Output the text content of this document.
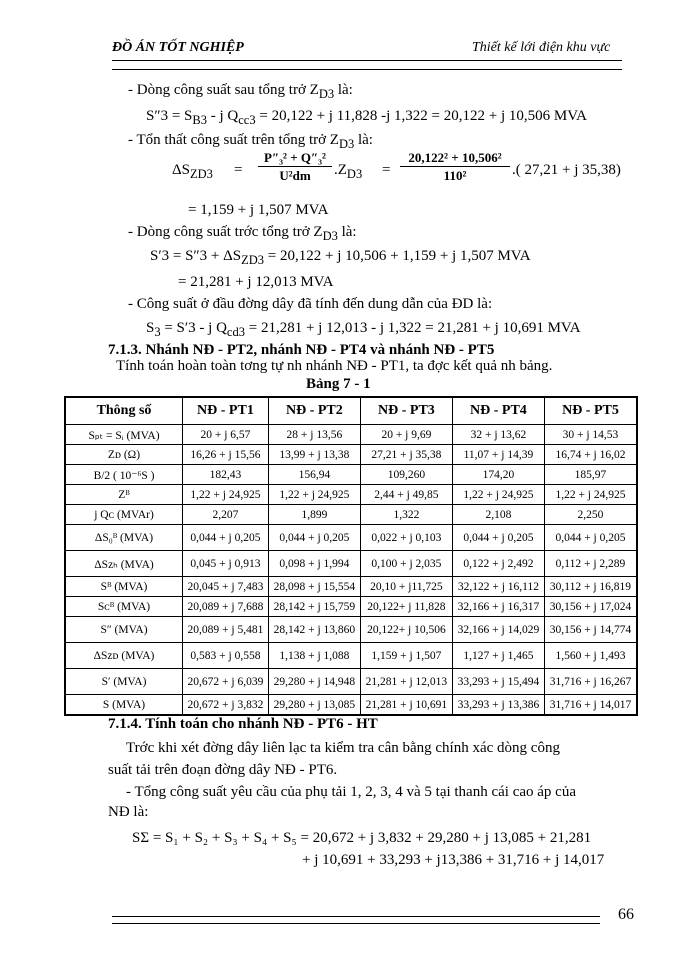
ĐỒ ÁN TỐT NGHIỆP	Thiết kế lới điện khu vực
- Dòng công suất sau tổng trở $Z_{D3}$ là:
$S''3 = S_{B3} - j$ $Q_{cc3} = 20,122 + j$ 11,828 -j 1,322 = 20,122 + j 10,506 MVA
- Tổn thất công suất trên tổng trở $Z_{D3}$ là:
$\Delta S_{ZD3} = \frac{\text{P″₃² + Q″₃²}}{\text{U²dm}} .Z_{D3} = \frac{\text{20,122² + 10,506²}}{\text{110²}}$ .( 27,21 + j 35,38)
= 1,159 + j 1,507 MVA
- Dòng công suất trớc tổng trở $Z_{D3}$ là:
$S'3 = S''3 + \Delta S_{ZD3} = 20,122 + j$ 10,506 + 1,159 + j 1,507 MVA
= 21,281 + j 12,013 MVA
- Công suất ở đầu đờng dây đã tính đến dung dẫn của ĐD là:
$S_3 = S'3 - j$ $Q_{cd3} = 21,281 + j$ 12,013 - j 1,322 = 21,281 + j 10,691 MVA
7.1.3. Nhánh NĐ - PT2, nhánh NĐ - PT4 và nhánh NĐ - PT5
Tính toán hoàn toàn tơng tự nh nhánh NĐ - PT1, ta đợc kết quả nh bảng.
Bảng 7 - 1
Thông số	NĐ - PT1	NĐ - PT2	NĐ - PT3	NĐ - PT4	NĐ - PT5
Sₚₜ = Sᵢ (MVA)	20 + j 6,57	28 + j 13,56	20 + j 9,69	32 + j 13,62	30 + j 14,53
Zᴅ (Ω)	16,26 + j 15,56	13,99 + j 13,38	27,21 + j 35,38	11,07 + j 14,39	16,74 + j 16,02
B/2 ( 10⁻⁶S )	182,43	156,94	109,260	174,20	185,97
Zᴮ	1,22 + j 24,925	1,22 + j 24,925	2,44 + j 49,85	1,22 + j 24,925	1,22 + j 24,925
j Qᴄ (MVAr)	2,207	1,899	1,322	2,108	2,250
ΔS₀ᴮ (MVA)	0,044 + j 0,205	0,044 + j 0,205	0,022 + j 0,103	0,044 + j 0,205	0,044 + j 0,205
ΔSᴢₕ (MVA)	0,045 + j 0,913	0,098 + j 1,994	0,100 + j 2,035	0,122 + j 2,492	0,112 + j 2,289
Sᴮ (MVA)	20,045 + j 7,483	28,098 + j 15,554	20,10 + j11,725	32,122 + j 16,112	30,112 + j 16,819
Sᴄᴮ (MVA)	20,089 + j 7,688	28,142 + j 15,759	20,122+ j 11,828	32,166 + j 16,317	30,156 + j 17,024
S″ (MVA)	20,089 + j 5,481	28,142 + j 13,860	20,122+ j 10,506	32,166 + j 14,029	30,156 + j 14,774
ΔSᴢᴅ (MVA)	0,583 + j 0,558	1,138 + j 1,088	1,159 + j 1,507	1,127 + j 1,465	1,560 + j 1,493
S′ (MVA)	20,672 + j 6,039	29,280 + j 14,948	21,281 + j 12,013	33,293 + j 15,494	31,716 + j 16,267
S (MVA)	20,672 + j 3,832	29,280 + j 13,085	21,281 + j 10,691	33,293 + j 13,386	31,716 + j 14,017
7.1.4. Tính toán cho nhánh NĐ - PT6 - HT
Trớc khi xét đờng dây liên lạc ta kiểm tra cân bằng chính xác dòng công
suất tải trên đoạn đờng dây NĐ - PT6.
- Tổng công suất yêu cầu của phụ tải 1, 2, 3, 4 và 5 tại thanh cái cao áp của
NĐ là:
SΣ = S₁ + S₂ + S₃ + S₄ + S₅ = 20,672 + j 3,832 + 29,280 + j 13,085 + 21,281
+ j 10,691 + 33,293 + j13,386 + 31,716 + j 14,017
66
